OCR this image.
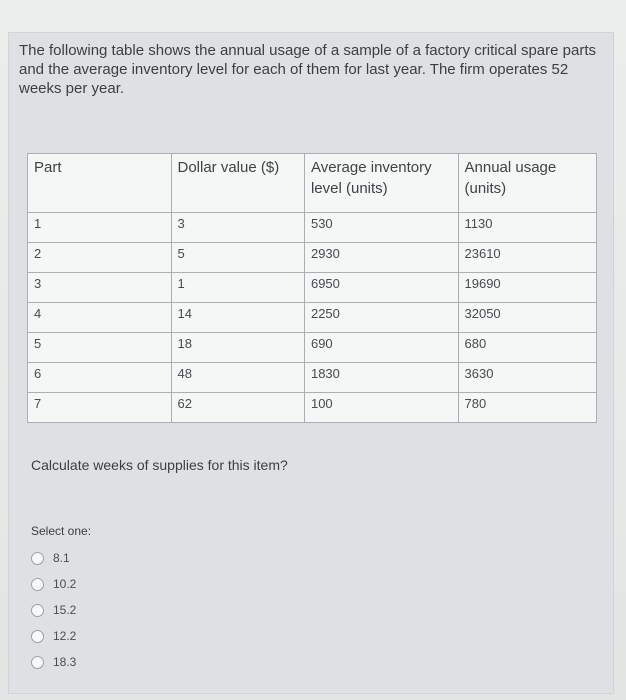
The following table shows the annual usage of a sample of a factory critical spare parts and the average inventory level for each of them for last year. The firm operates 52 weeks per year.
Part	Dollar value ($)	Average inventory level (units)	Annual usage (units)
1	3	530	1130
2	5	2930	23610
3	1	6950	19690
4	14	2250	32050
5	18	690	680
6	48	1830	3630
7	62	100	780
Calculate weeks of supplies for this item?
Select one:
8.1
10.2
15.2
12.2
18.3
